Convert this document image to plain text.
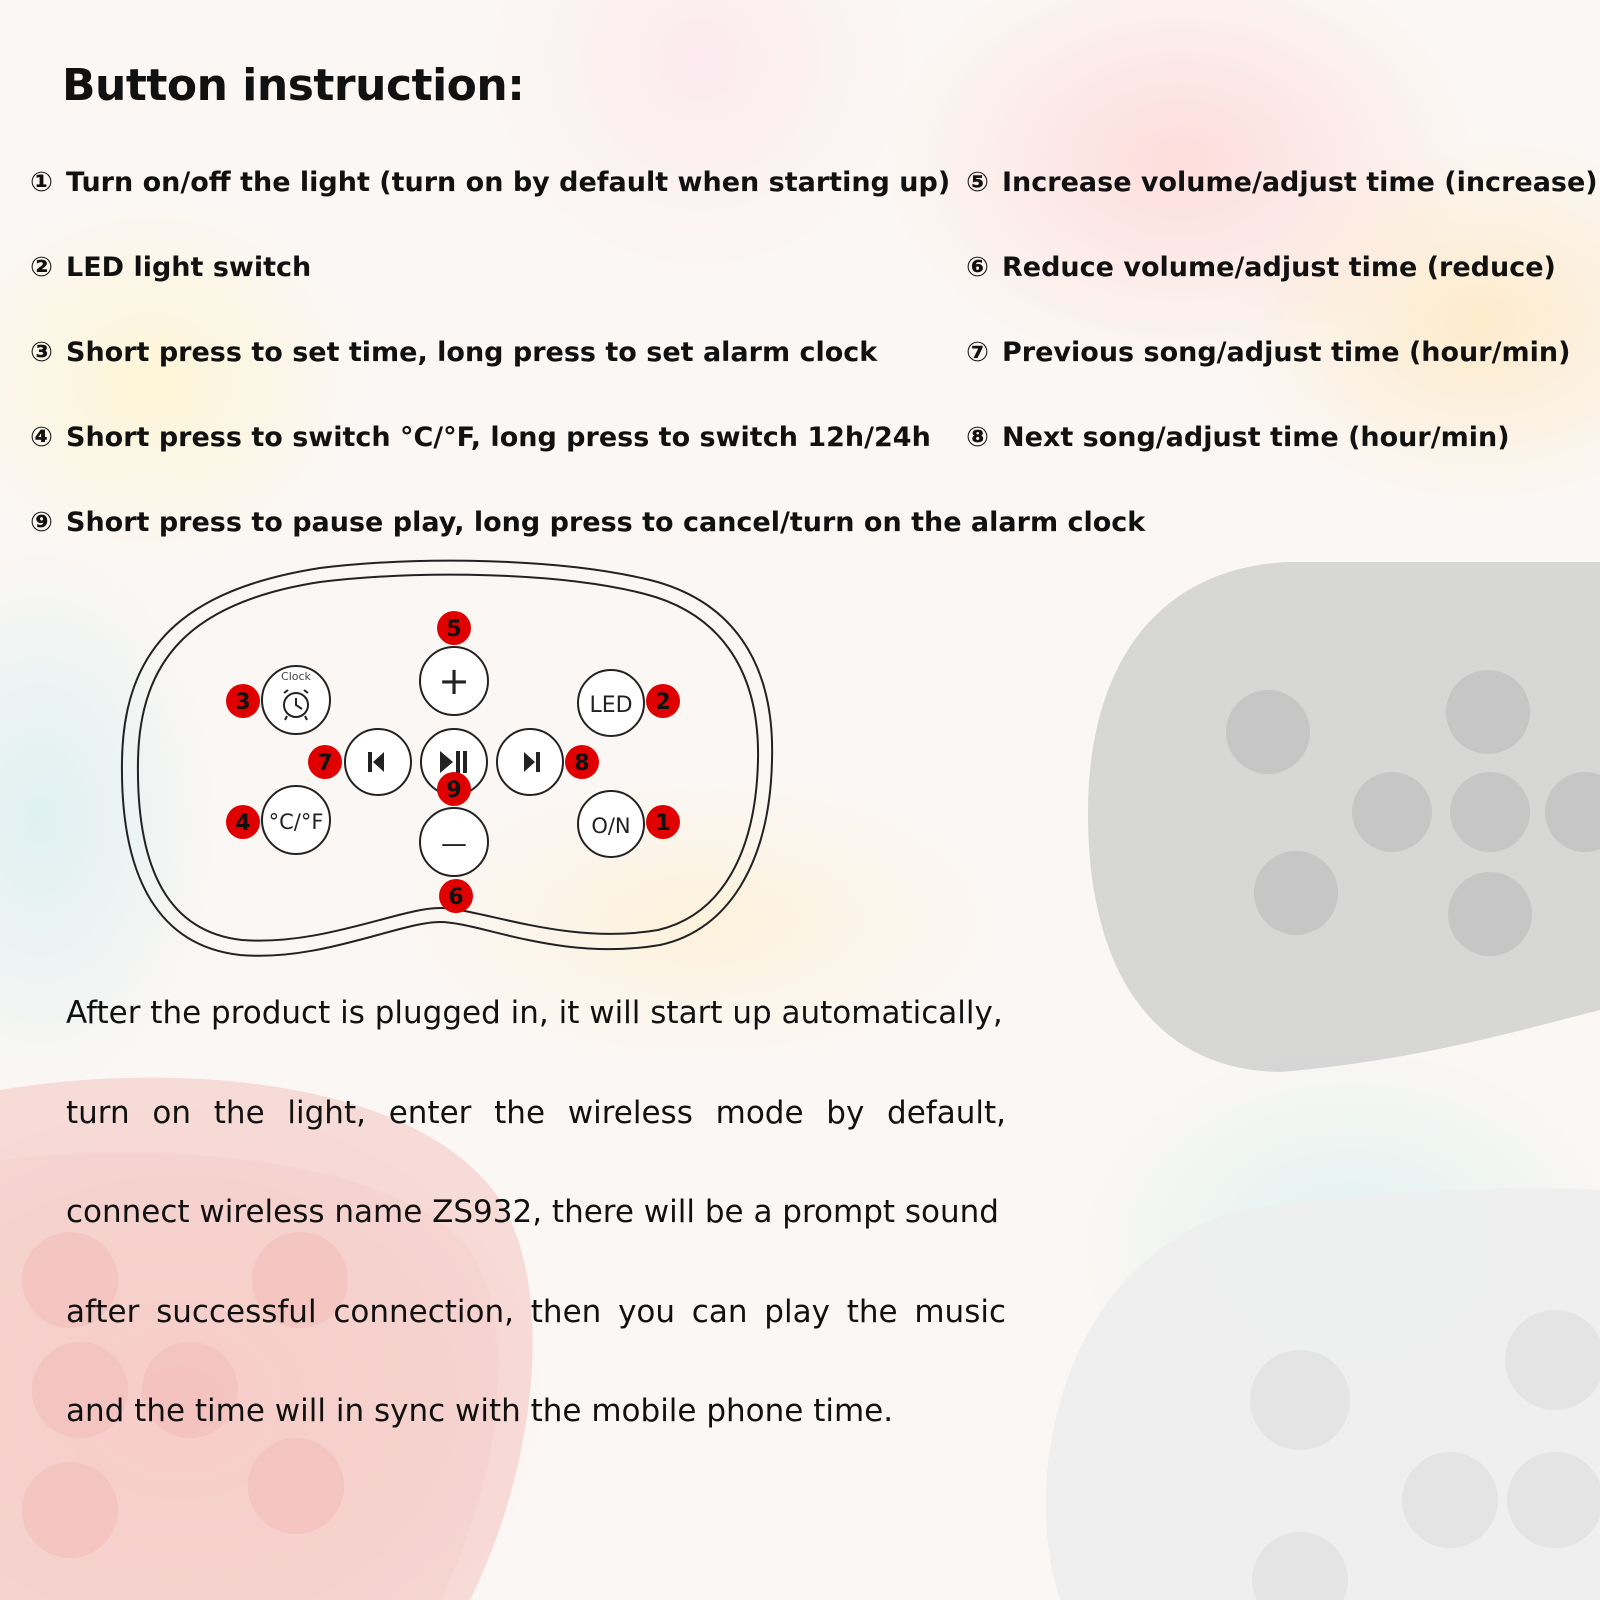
Button instruction:
① Turn on/off the light (turn on by default when starting up)
② LED light switch
③ Short press to set time, long press to set alarm clock
④ Short press to switch °C/°F, long press to switch 12h/24h
⑤ Increase volume/adjust time (increase)
⑥ Reduce volume/adjust time (reduce)
⑦ Previous song/adjust time (hour/min)
⑧ Next song/adjust time (hour/min)
⑨ Short press to pause play, long press to cancel/turn on the alarm clock
Clock	+
LED
°C/°F
—
O/N 1
2
3
4
5
6
7	8
9
After the product is plugged in, it will start up automatically,
turn on the light, enter the wireless mode by default,
connect wireless name ZS932, there will be a prompt sound
after successful connection, then you can play the music
and the time will in sync with the mobile phone time.
